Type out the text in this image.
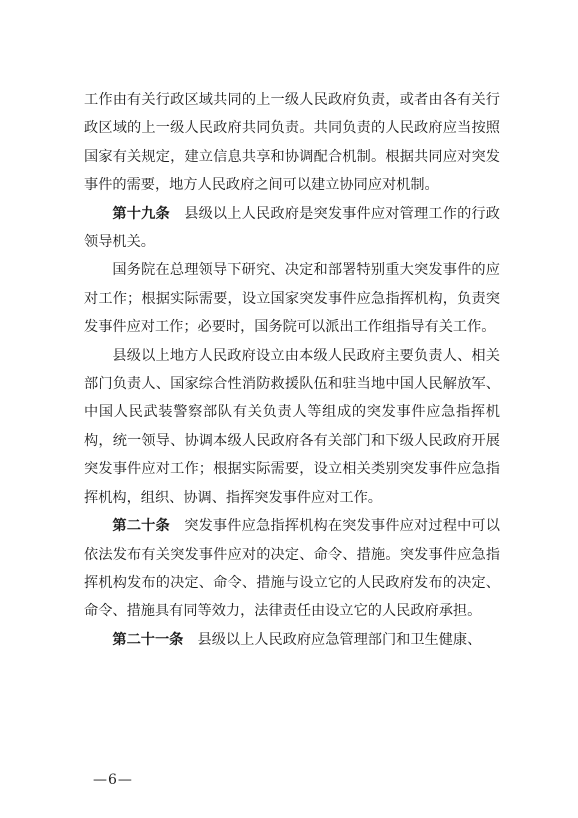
工作由有关行政区域共同的上一级人民政府负责，或者由各有关行政区域的上一级人民政府共同负责。共同负责的人民政府应当按照国家有关规定，建立信息共享和协调配合机制。根据共同应对突发事件的需要，地方人民政府之间可以建立协同应对机制。

第十九条　县级以上人民政府是突发事件应对管理工作的行政领导机关。

国务院在总理领导下研究、决定和部署特别重大突发事件的应对工作；根据实际需要，设立国家突发事件应急指挥机构，负责突发事件应对工作；必要时，国务院可以派出工作组指导有关工作。

县级以上地方人民政府设立由本级人民政府主要负责人、相关部门负责人、国家综合性消防救援队伍和驻当地中国人民解放军、中国人民武装警察部队有关负责人等组成的突发事件应急指挥机构，统一领导、协调本级人民政府各有关部门和下级人民政府开展突发事件应对工作；根据实际需要，设立相关类别突发事件应急指挥机构，组织、协调、指挥突发事件应对工作。

第二十条　突发事件应急指挥机构在突发事件应对过程中可以依法发布有关突发事件应对的决定、命令、措施。突发事件应急指挥机构发布的决定、命令、措施与设立它的人民政府发布的决定、命令、措施具有同等效力，法律责任由设立它的人民政府承担。

第二十一条　县级以上人民政府应急管理部门和卫生健康、

—6—
